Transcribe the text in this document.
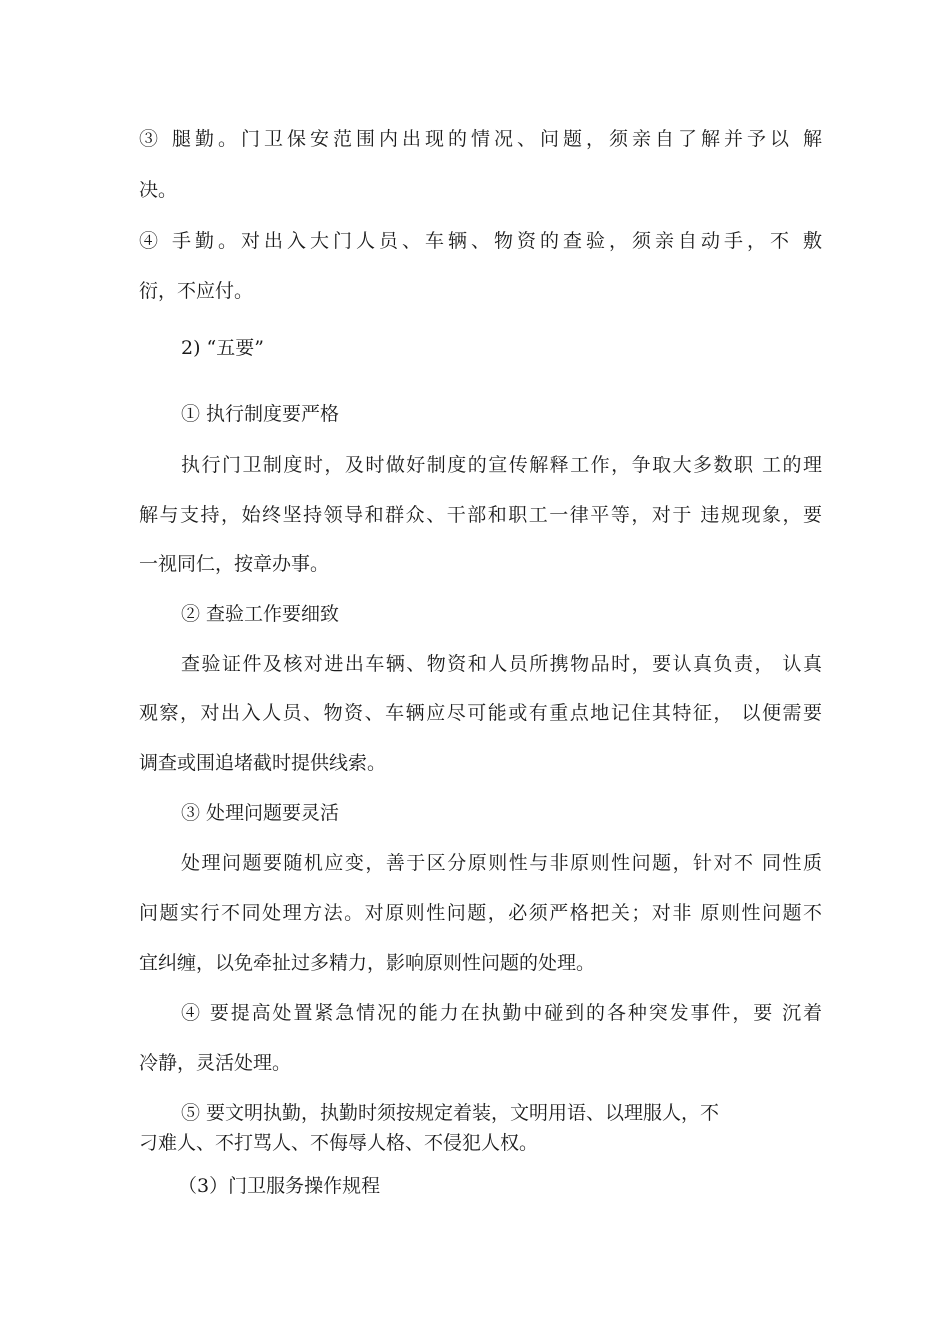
③ 腿勤。门卫保安范围内出现的情况、问题，须亲自了解并予以 解
决。
④ 手勤。对出入大门人员、车辆、物资的查验，须亲自动手，不 敷
衍，不应付。
2) “五要”
① 执行制度要严格
执行门卫制度时，及时做好制度的宣传解释工作，争取大多数职 工的理
解与支持，始终坚持领导和群众、干部和职工一律平等，对于 违规现象，要
一视同仁，按章办事。
② 查验工作要细致
查验证件及核对进出车辆、物资和人员所携物品时，要认真负责， 认真
观察，对出入人员、物资、车辆应尽可能或有重点地记住其特征， 以便需要
调查或围追堵截时提供线索。
③ 处理问题要灵活
处理问题要随机应变，善于区分原则性与非原则性问题，针对不 同性质
问题实行不同处理方法。对原则性问题，必须严格把关；对非 原则性问题不
宜纠缠，以免牵扯过多精力，影响原则性问题的处理。
④ 要提高处置紧急情况的能力在执勤中碰到的各种突发事件，要 沉着
冷静，灵活处理。
⑤ 要文明执勤，执勤时须按规定着装，文明用语、以理服人，不
刁难人、不打骂人、不侮辱人格、不侵犯人权。
（3）门卫服务操作规程
